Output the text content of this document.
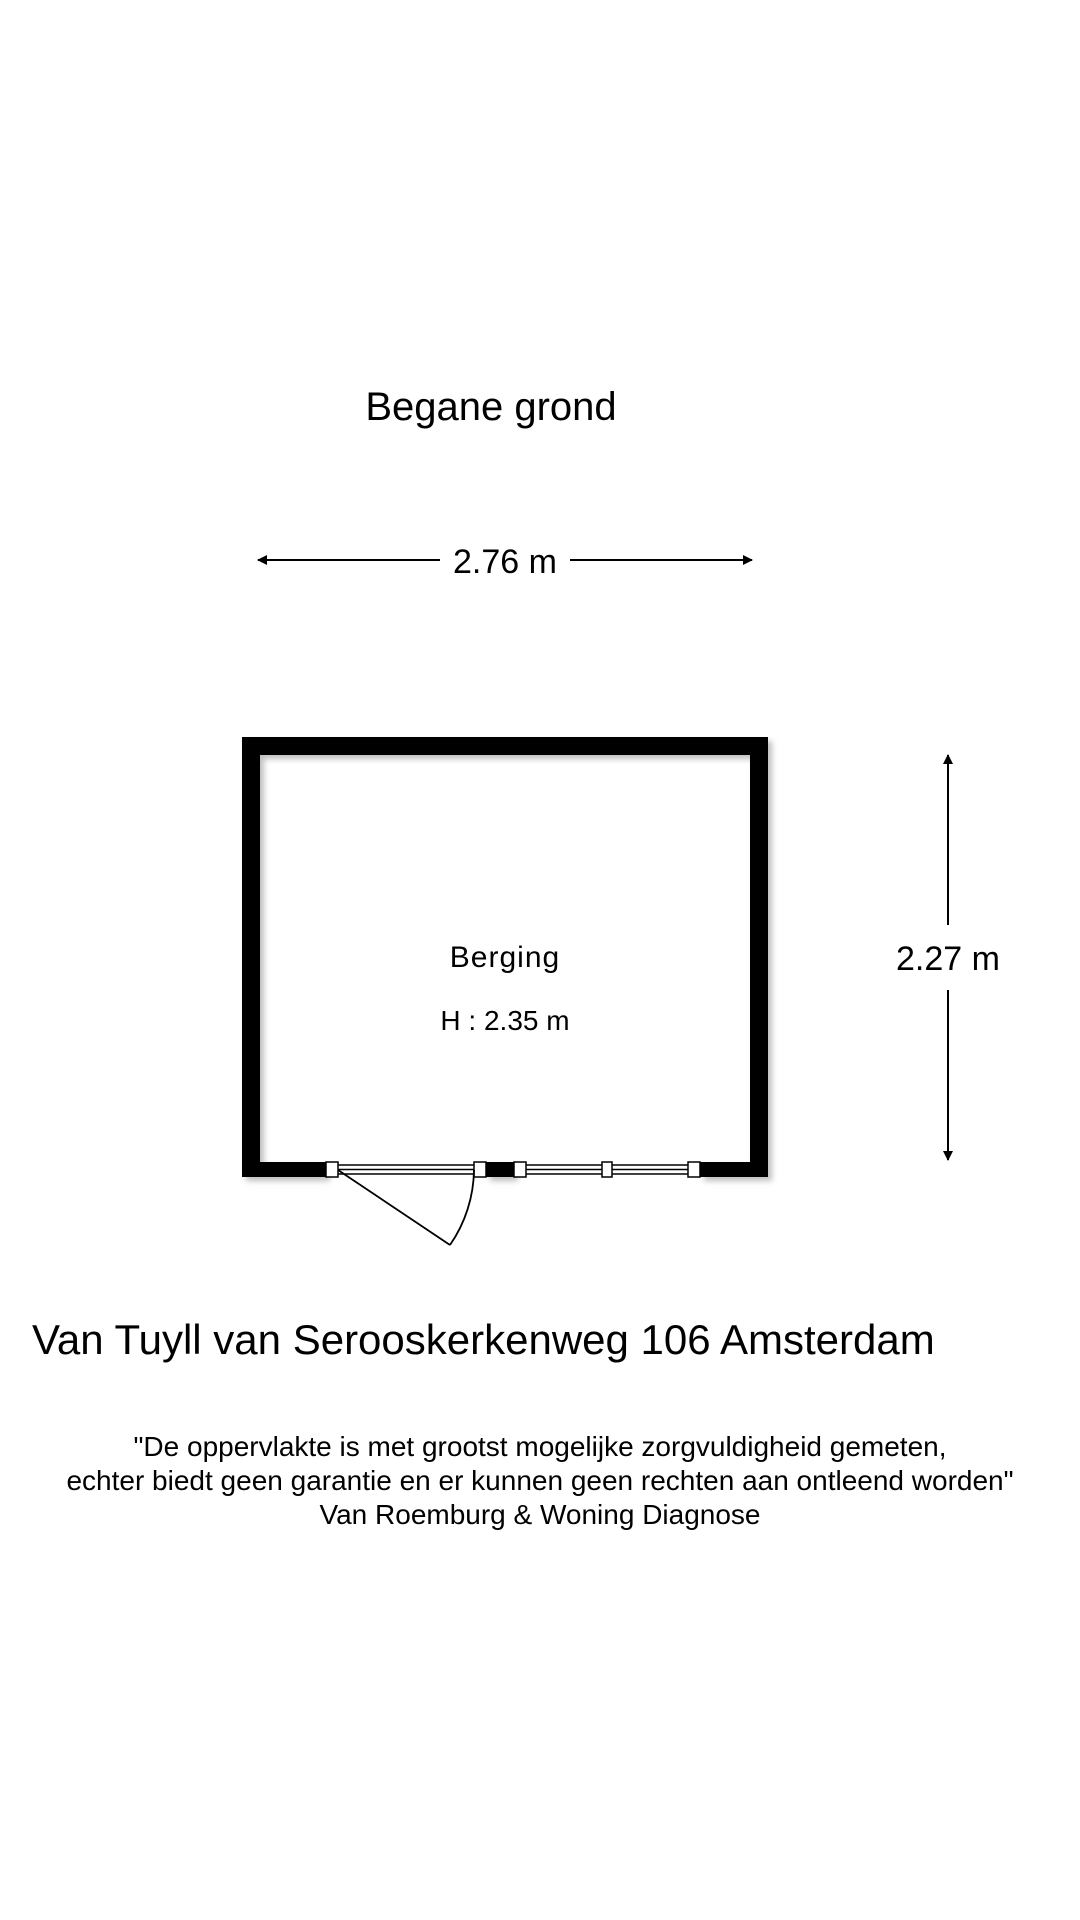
Begane grond
2.76 m
2.27 m
Berging
H : 2.35 m
Van Tuyll van Serooskerkenweg 106 Amsterdam
"De oppervlakte is met grootst mogelijke zorgvuldigheid gemeten,
echter biedt geen garantie en er kunnen geen rechten aan ontleend worden"
Van Roemburg & Woning Diagnose
